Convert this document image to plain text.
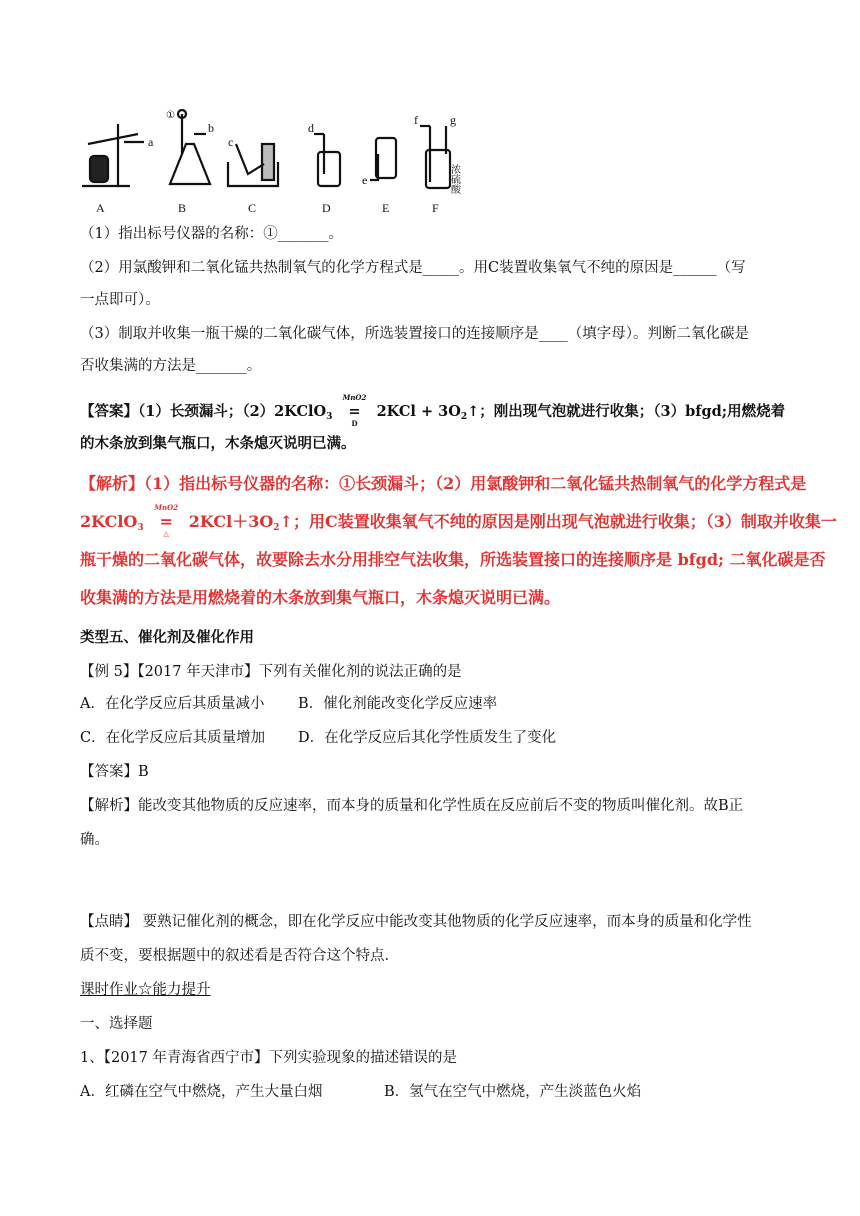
A	B	C	D	E	F
a
b
c
d
e
f	g
①
浓硫酸
（1）指出标号仪器的名称：①_______。
（2）用氯酸钾和二氧化锰共热制氧气的化学方程式是_____。用C装置收集氧气不纯的原因是______（写
一点即可）。
（3）制取并收集一瓶干燥的二氧化碳气体，所选装置接口的连接顺序是____（填字母）。判断二氧化碳是
否收集满的方法是_______。
【答案】（1）长颈漏斗；（2）2KClO$_3$
MnO2
=
D
$2KCl + 3O_2↑$；刚出现气泡就进行收集；（3）bfgd;用燃烧着
的木条放到集气瓶口，木条熄灭说明已满。
【解析】（1）指出标号仪器的名称：①长颈漏斗；（2）用氯酸钾和二氧化锰共热制氧气的化学方程式是
2KClO$_3$
MnO2
=
△
$2KCl+3O_2↑$；用C装置收集氧气不纯的原因是刚出现气泡就进行收集；（3）制取并收集一
瓶干燥的二氧化碳气体，故要除去水分用排空气法收集，所选装置接口的连接顺序是 bfgd; 二氧化碳是否
收集满的方法是用燃烧着的木条放到集气瓶口，木条熄灭说明已满。
类型五、催化剂及催化作用
【例 5】【2017 年天津市】下列有关催化剂的说法正确的是
A．在化学反应后其质量减小 B．催化剂能改变化学反应速率
C．在化学反应后其质量增加 D．在化学反应后其化学性质发生了变化
【答案】B
【解析】能改变其他物质的反应速率，而本身的质量和化学性质在反应前后不变的物质叫催化剂。故B正
确。
【点睛】 要熟记催化剂的概念，即在化学反应中能改变其他物质的化学反应速率，而本身的质量和化学性
质不变，要根据题中的叙述看是否符合这个特点.
课时作业☆能力提升
一、选择题
1、【2017 年青海省西宁市】下列实验现象的描述错误的是
A．红磷在空气中燃烧，产生大量白烟	B．氢气在空气中燃烧，产生淡蓝色火焰
